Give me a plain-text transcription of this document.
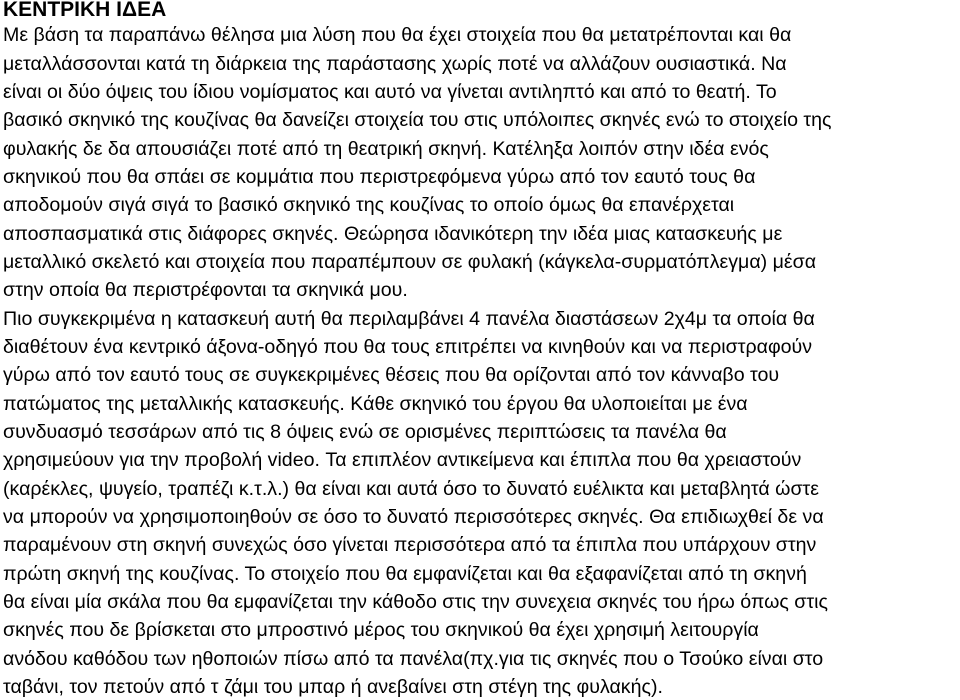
ΚΕΝΤΡΙΚΗ ΙΔΕΑ
Με βάση τα παραπάνω θέλησα μια λύση που θα έχει στοιχεία που θα μετατρέπονται και θα
μεταλλάσσονται κατά τη διάρκεια της παράστασης χωρίς ποτέ να αλλάζουν ουσιαστικά. Να
είναι οι δύο όψεις του ίδιου νομίσματος και αυτό να γίνεται αντιληπτό και από το θεατή. Το
βασικό σκηνικό της κουζίνας θα δανείζει στοιχεία του στις υπόλοιπες σκηνές ενώ το στοιχείο της
φυλακής δε δα απουσιάζει ποτέ από τη θεατρική σκηνή. Κατέληξα λοιπόν στην ιδέα ενός
σκηνικού που θα σπάει σε κομμάτια που περιστρεφόμενα γύρω από τον εαυτό τους θα
αποδομούν σιγά σιγά το βασικό σκηνικό της κουζίνας το οποίο όμως θα επανέρχεται
αποσπασματικά στις διάφορες σκηνές. Θεώρησα ιδανικότερη την ιδέα μιας κατασκευής με
μεταλλικό σκελετό και στοιχεία που παραπέμπουν σε φυλακή (κάγκελα-συρματόπλεγμα) μέσα
στην οποία θα περιστρέφονται τα σκηνικά μου.
Πιο συγκεκριμένα η κατασκευή αυτή θα περιλαμβάνει 4 πανέλα διαστάσεων 2χ4μ τα οποία θα
διαθέτουν ένα κεντρικό άξονα-οδηγό που θα τους επιτρέπει να κινηθούν και να περιστραφούν
γύρω από τον εαυτό τους σε συγκεκριμένες θέσεις που θα ορίζονται από τον κάνναβο του
πατώματος της μεταλλικής κατασκευής. Κάθε σκηνικό του έργου θα υλοποιείται με ένα
συνδυασμό τεσσάρων από τις 8 όψεις ενώ σε ορισμένες περιπτώσεις τα πανέλα θα
χρησιμεύουν για την προβολή video. Τα επιπλέον αντικείμενα και έπιπλα που θα χρειαστούν
(καρέκλες, ψυγείο, τραπέζι κ.τ.λ.) θα είναι και αυτά όσο το δυνατό ευέλικτα και μεταβλητά ώστε
να μπορούν να χρησιμοποιηθούν σε όσο το δυνατό περισσότερες σκηνές. Θα επιδιωχθεί δε να
παραμένουν στη σκηνή συνεχώς όσο γίνεται περισσότερα από τα έπιπλα που υπάρχουν στην
πρώτη σκηνή της κουζίνας. Το στοιχείο που θα εμφανίζεται και θα εξαφανίζεται από τη σκηνή
θα είναι μία σκάλα που θα εμφανίζεται την κάθοδο στις την συνεχεια σκηνές του ήρω όπως στις
σκηνές που δε βρίσκεται στο μπροστινό μέρος του σκηνικού θα έχει χρησιμή λειτουργία
ανόδου καθόδου των ηθοποιών πίσω από τα πανέλα(πχ.για τις σκηνές που ο Τσούκο είναι στο
ταβάνι, τον πετούν από τ ζάμι του μπαρ ή ανεβαίνει στη στέγη της φυλακής).
